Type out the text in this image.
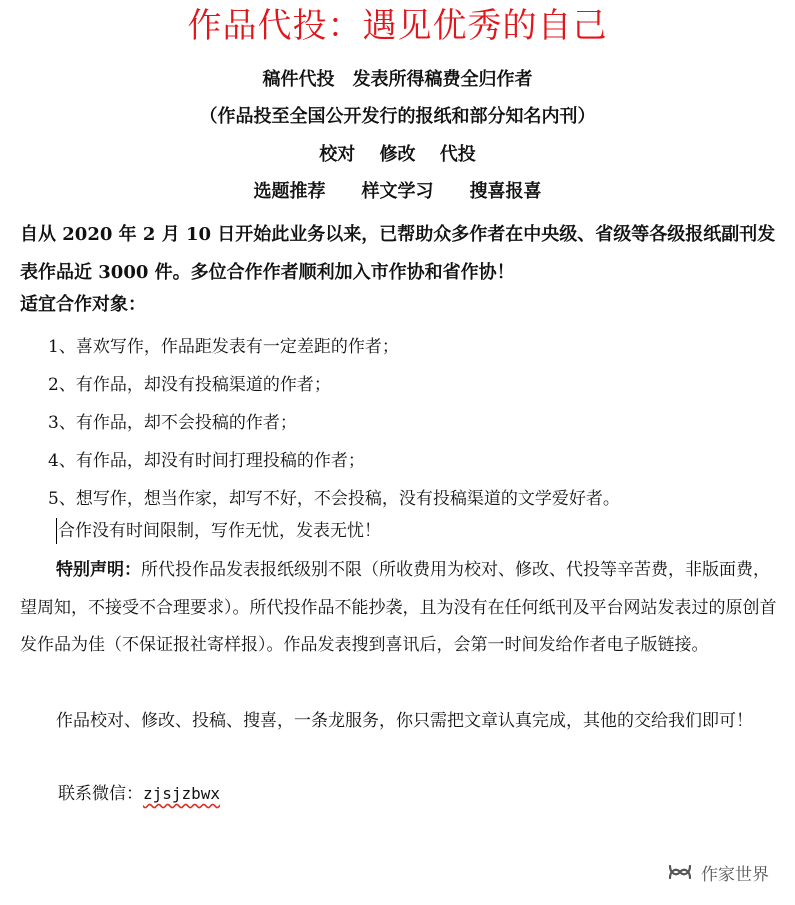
作品代投：遇见优秀的自己
稿件代投　发表所得稿费全归作者
（作品投至全国公开发行的报纸和部分知名内刊）
校对　 修改　 代投
选题推荐　　样文学习　　搜喜报喜
自从 2020 年 2 月 10 日开始此业务以来，已帮助众多作者在中央级、省级等各级报纸副刊发表作品近 3000 件。多位合作作者顺利加入市作协和省作协！
适宜合作对象：
1、喜欢写作，作品距发表有一定差距的作者；
2、有作品，却没有投稿渠道的作者；
3、有作品，却不会投稿的作者；
4、有作品，却没有时间打理投稿的作者；
5、想写作，想当作家，却写不好，不会投稿，没有投稿渠道的文学爱好者。
合作没有时间限制，写作无忧，发表无忧！
特别声明：所代投作品发表报纸级别不限（所收费用为校对、修改、代投等辛苦费，非版面费，望周知，不接受不合理要求）。所代投作品不能抄袭，且为没有在任何纸刊及平台网站发表过的原创首发作品为佳（不保证报社寄样报）。作品发表搜到喜讯后，会第一时间发给作者电子版链接。
作品校对、修改、投稿、搜喜，一条龙服务，你只需把文章认真完成，其他的交给我们即可！
联系微信：zjsjzbwx
作家世界
